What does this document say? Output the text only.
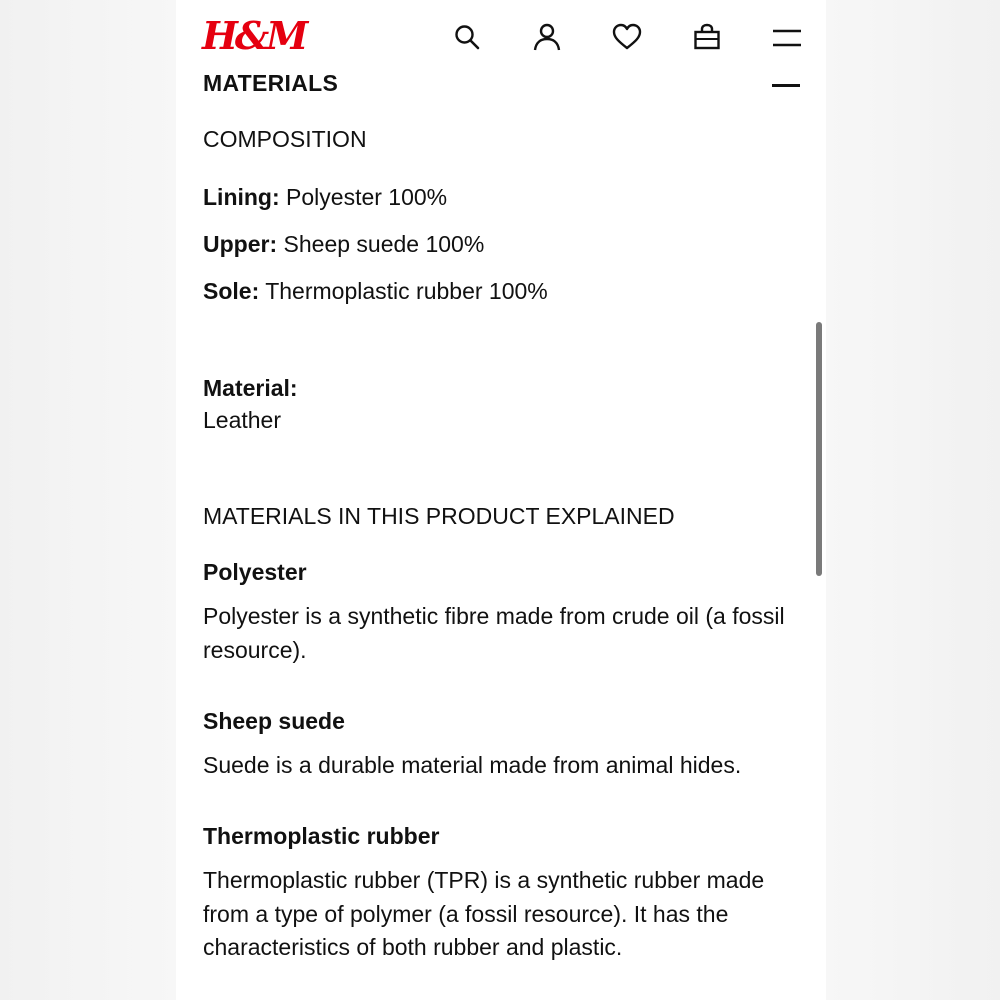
H&M
MATERIALS
COMPOSITION
Lining: Polyester 100%
Upper: Sheep suede 100%
Sole: Thermoplastic rubber 100%
Material:
Leather
MATERIALS IN THIS PRODUCT EXPLAINED
Polyester
Polyester is a synthetic fibre made from crude oil (a fossil resource).
Sheep suede
Suede is a durable material made from animal hides.
Thermoplastic rubber
Thermoplastic rubber (TPR) is a synthetic rubber made from a type of polymer (a fossil resource). It has the characteristics of both rubber and plastic.
